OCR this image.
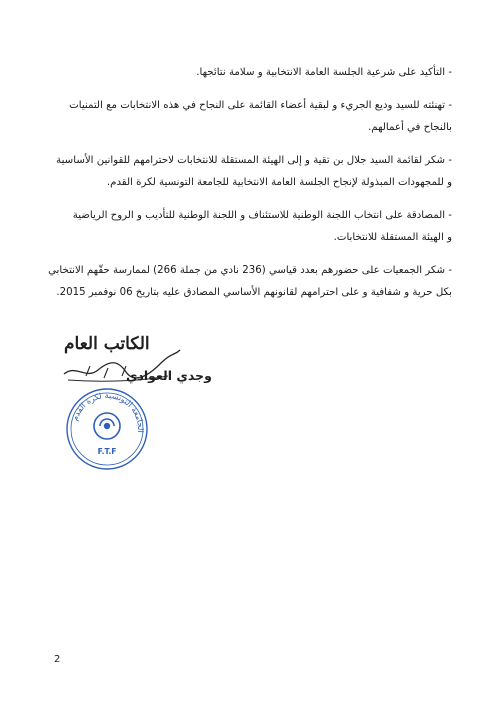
- التأكيد على شرعية الجلسة العامة الانتخابية و سلامة نتائجها.

- تهنئته للسيد وديع الجريء و لبقية أعضاء القائمة على النجاح في هذه الانتخابات مع التمنيات
بالنجاح في أعمالهم.

- شكر لقائمة السيد جلال بن تقية و إلى الهيئة المستقلة للانتخابات لاحترامهم للقوانين الأساسية
و للمجهودات المبذولة لإنجاح الجلسة العامة الانتخابية للجامعة التونسية لكرة القدم.

- المصادقة على انتخاب اللجنة الوطنية للاستئناف و اللجنة الوطنية للتأديب و الروح الرياضية
و الهيئة المستقلة للانتخابات.

- شكر الجمعيات على حضورهم بعدد قياسي (236 نادي من جملة 266) لممارسة حقّهم الانتخابي
بكل حرية و شفافية و على احترامهم لقانونهم الأساسي المصادق عليه بتاريخ 06 نوفمبر 2015.

الكاتب العام
وجدي العوادي
الجامعة التونسية لكرة القدم
F.T.F
2
